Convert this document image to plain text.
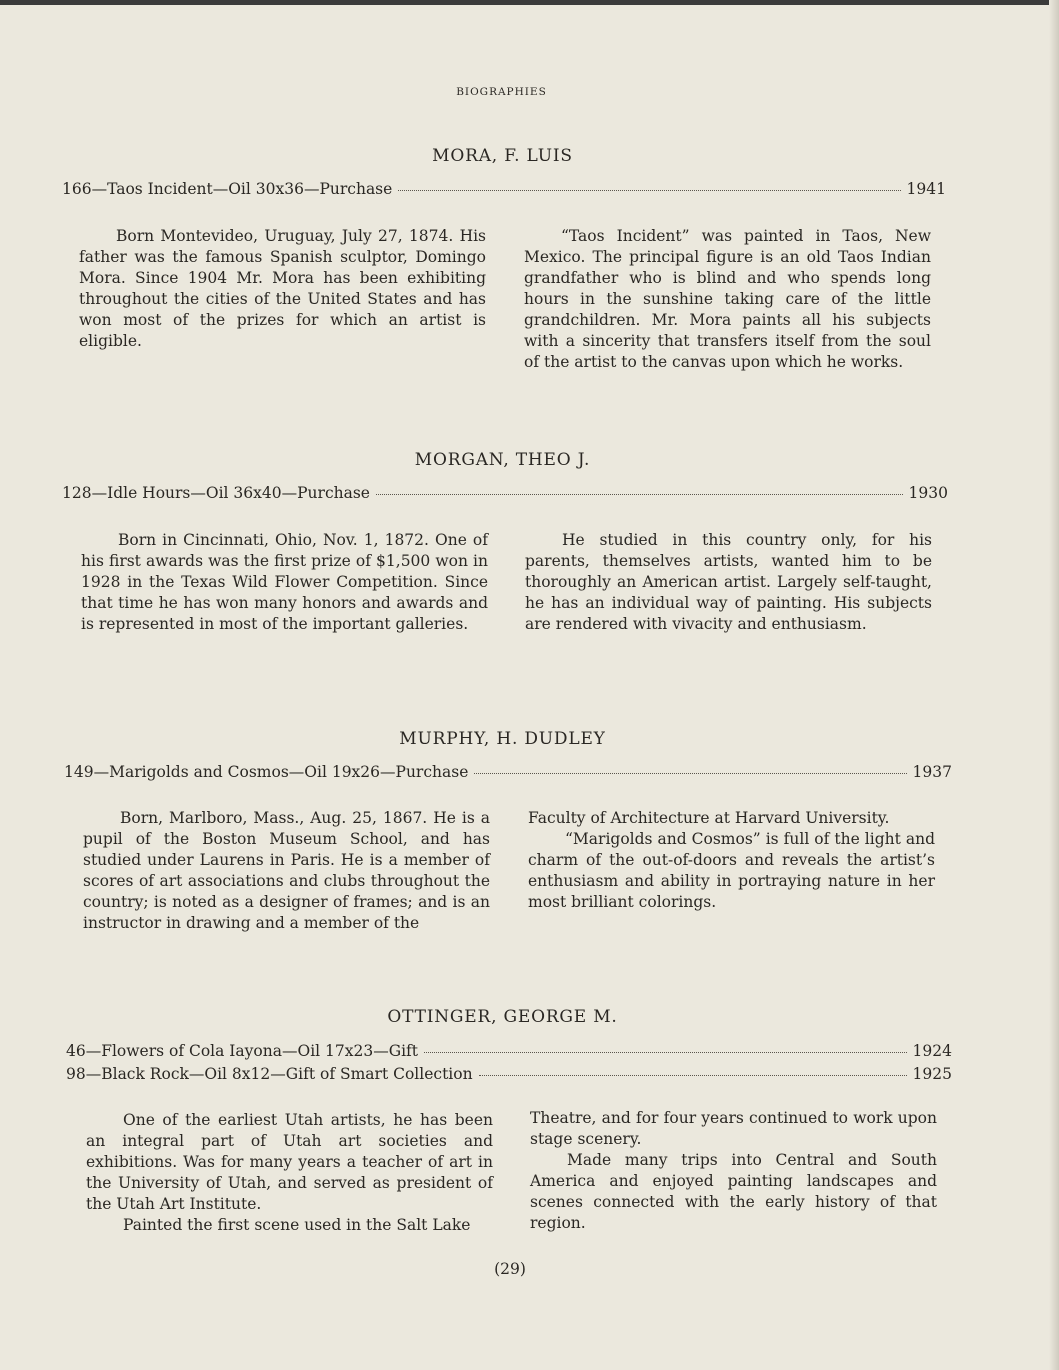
BIOGRAPHIES
MORA, F. LUIS
166—Taos Incident—Oil 30x36—Purchase	1941

Born Montevideo, Uruguay, July 27, 1874. His father was the famous Spanish sculptor, Domingo Mora. Since 1904 Mr. Mora has been exhibiting throughout the cities of the United States and has won most of the prizes for which an artist is eligible.

“Taos Incident” was painted in Taos, New Mexico. The principal figure is an old Taos Indian grandfather who is blind and who spends long hours in the sunshine taking care of the little grandchildren. Mr. Mora paints all his subjects with a sincerity that transfers itself from the soul of the artist to the canvas upon which he works.

MORGAN, THEO J.
128—Idle Hours—Oil 36x40—Purchase	1930

Born in Cincinnati, Ohio, Nov. 1, 1872. One of his first awards was the first prize of $1,500 won in 1928 in the Texas Wild Flower Competition. Since that time he has won many honors and awards and is represented in most of the important galleries.

He studied in this country only, for his parents, themselves artists, wanted him to be thoroughly an American artist. Largely self-taught, he has an individual way of painting. His subjects are rendered with vivacity and enthusiasm.

MURPHY, H. DUDLEY
149—Marigolds and Cosmos—Oil 19x26—Purchase	1937

Born, Marlboro, Mass., Aug. 25, 1867. He is a pupil of the Boston Museum School, and has studied under Laurens in Paris. He is a member of scores of art associations and clubs throughout the country; is noted as a designer of frames; and is an instructor in drawing and a member of the

Faculty of Architecture at Harvard University.

“Marigolds and Cosmos” is full of the light and charm of the out-of-doors and reveals the artist’s enthusiasm and ability in portraying nature in her most brilliant colorings.

OTTINGER, GEORGE M.
46—Flowers of Cola Iayona—Oil 17x23—Gift	1924
98—Black Rock—Oil 8x12—Gift of Smart Collection	1925

One of the earliest Utah artists, he has been an integral part of Utah art societies and exhibitions. Was for many years a teacher of art in the University of Utah, and served as president of the Utah Art Institute.

Painted the first scene used in the Salt Lake

Theatre, and for four years continued to work upon stage scenery.

Made many trips into Central and South America and enjoyed painting landscapes and scenes connected with the early history of that region.

(29)
